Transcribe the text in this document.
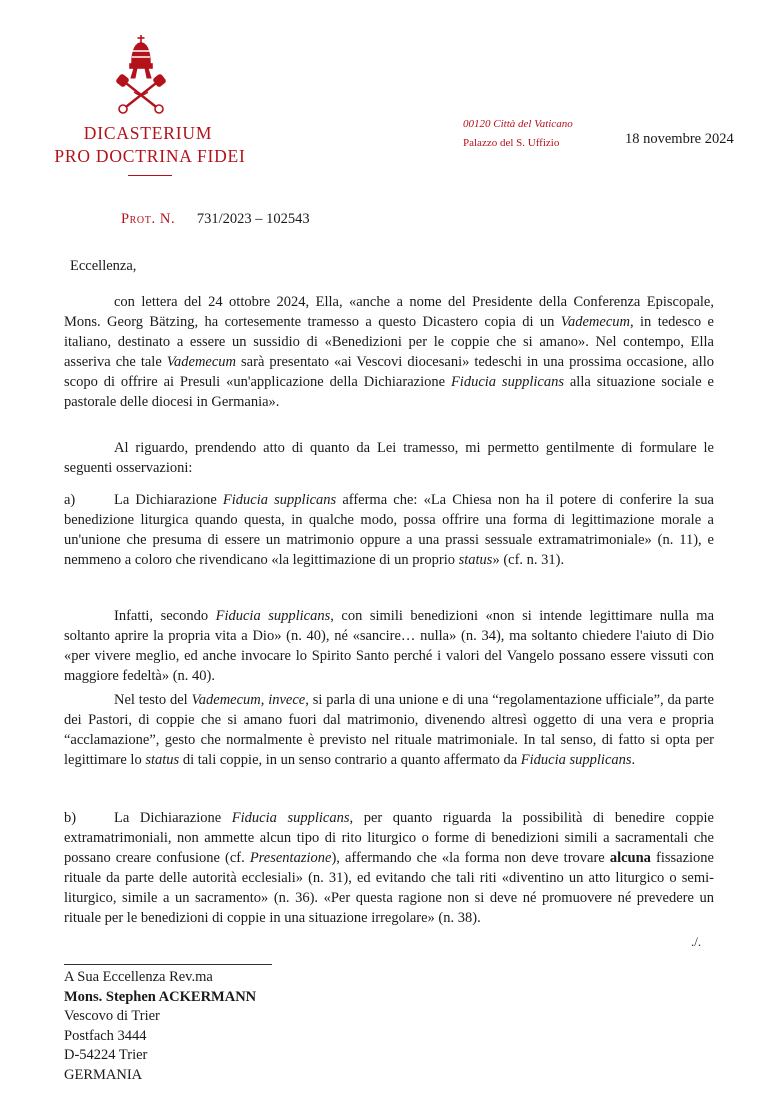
DICASTERIUM
PRO DOCTRINA FIDEI
00120 Città del Vaticano
Palazzo del S. Uffizio	18 novembre 2024
Prot. N. 731/2023 – 102543
Eccellenza,
con lettera del 24 ottobre 2024, Ella, «anche a nome del Presidente della Conferenza Episcopale, Mons. Georg Bätzing, ha cortesemente tramesso a questo Dicastero copia di un Vademecum, in tedesco e italiano, destinato a essere un sussidio di «Benedizioni per le coppie che si amano». Nel contempo, Ella asseriva che tale Vademecum sarà presentato «ai Vescovi diocesani» tedeschi in una prossima occasione, allo scopo di offrire ai Presuli «un'applicazione della Dichiarazione Fiducia supplicans alla situazione sociale e pastorale delle diocesi in Germania».
Al riguardo, prendendo atto di quanto da Lei tramesso, mi permetto gentilmente di formulare le seguenti osservazioni:
a)	La Dichiarazione Fiducia supplicans afferma che: «La Chiesa non ha il potere di conferire la sua benedizione liturgica quando questa, in qualche modo, possa offrire una forma di legittimazione morale a un'unione che presuma di essere un matrimonio oppure a una prassi sessuale extramatrimoniale» (n. 11), e nemmeno a coloro che rivendicano «la legittimazione di un proprio status» (cf. n. 31).
Infatti, secondo Fiducia supplicans, con simili benedizioni «non si intende legittimare nulla ma soltanto aprire la propria vita a Dio» (n. 40), né «sancire… nulla» (n. 34), ma soltanto chiedere l'aiuto di Dio «per vivere meglio, ed anche invocare lo Spirito Santo perché i valori del Vangelo possano essere vissuti con maggiore fedeltà» (n. 40).
Nel testo del Vademecum, invece, si parla di una unione e di una “regolamentazione ufficiale”, da parte dei Pastori, di coppie che si amano fuori dal matrimonio, divenendo altresì oggetto di una vera e propria “acclamazione”, gesto che normalmente è previsto nel rituale matrimoniale. In tal senso, di fatto si opta per legittimare lo status di tali coppie, in un senso contrario a quanto affermato da Fiducia supplicans.
b)	La Dichiarazione Fiducia supplicans, per quanto riguarda la possibilità di benedire coppie extramatrimoniali, non ammette alcun tipo di rito liturgico o forme di benedizioni simili a sacramentali che possano creare confusione (cf. Presentazione), affermando che «la forma non deve trovare alcuna fissazione rituale da parte delle autorità ecclesiali» (n. 31), ed evitando che tali riti «diventino un atto liturgico o semi-liturgico, simile a un sacramento» (n. 36). «Per questa ragione non si deve né promuovere né prevedere un rituale per le benedizioni di coppie in una situazione irregolare» (n. 38).
./.
A Sua Eccellenza Rev.ma
Mons. Stephen ACKERMANN
Vescovo di Trier
Postfach 3444
D-54224 Trier
GERMANIA
